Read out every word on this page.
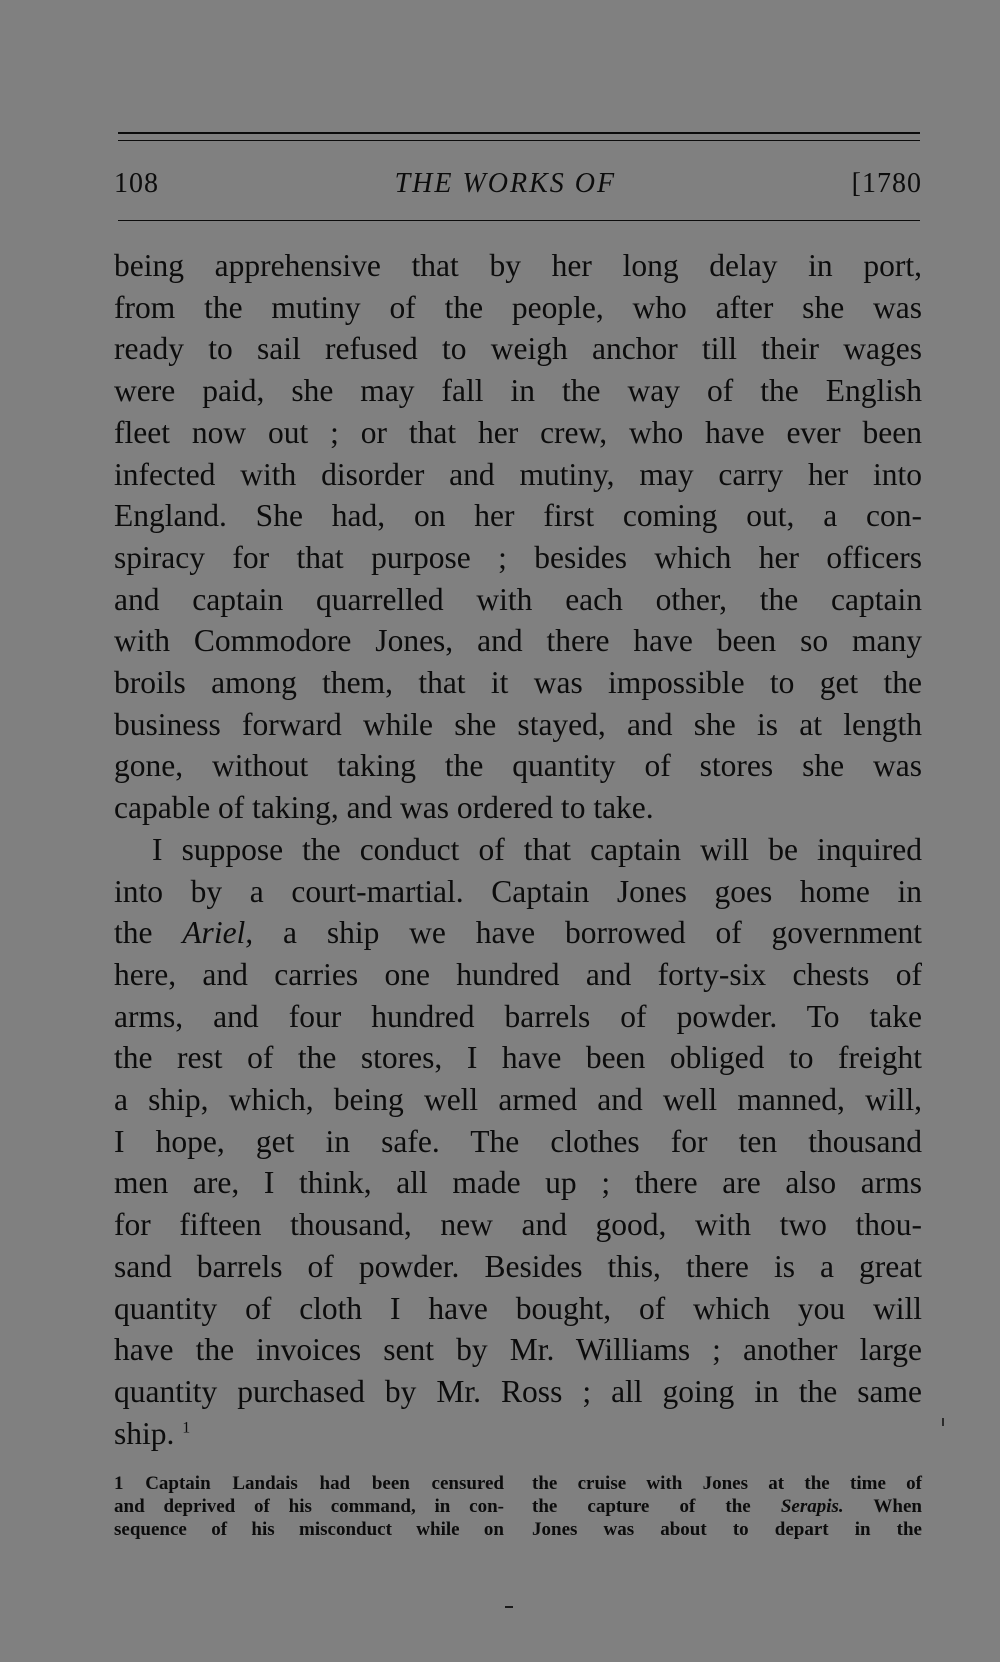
108	THE WORKS OF	[1780

being apprehensive that by her long delay in port,
from the mutiny of the people, who after she was
ready to sail refused to weigh anchor till their wages
were paid, she may fall in the way of the English
fleet now out ; or that her crew, who have ever been
infected with disorder and mutiny, may carry her into
England. She had, on her first coming out, a con-
spiracy for that purpose ; besides which her officers
and captain quarrelled with each other, the captain
with Commodore Jones, and there have been so many
broils among them, that it was impossible to get the
business forward while she stayed, and she is at length
gone, without taking the quantity of stores she was
capable of taking, and was ordered to take.

I suppose the conduct of that captain will be inquired
into by a court-martial. Captain Jones goes home in
the Ariel, a ship we have borrowed of government
here, and carries one hundred and forty-six chests of
arms, and four hundred barrels of powder. To take
the rest of the stores, I have been obliged to freight
a ship, which, being well armed and well manned, will,
I hope, get in safe. The clothes for ten thousand
men are, I think, all made up ; there are also arms
for fifteen thousand, new and good, with two thou-
sand barrels of powder. Besides this, there is a great
quantity of cloth I have bought, of which you will
have the invoices sent by Mr. Williams ; another large
quantity purchased by Mr. Ross ; all going in the same
ship. $^1$

1 Captain Landais had been censured
and deprived of his command, in con-
sequence of his misconduct while on
the cruise with Jones at the time of
the capture of the Serapis. When
Jones was about to depart in the
